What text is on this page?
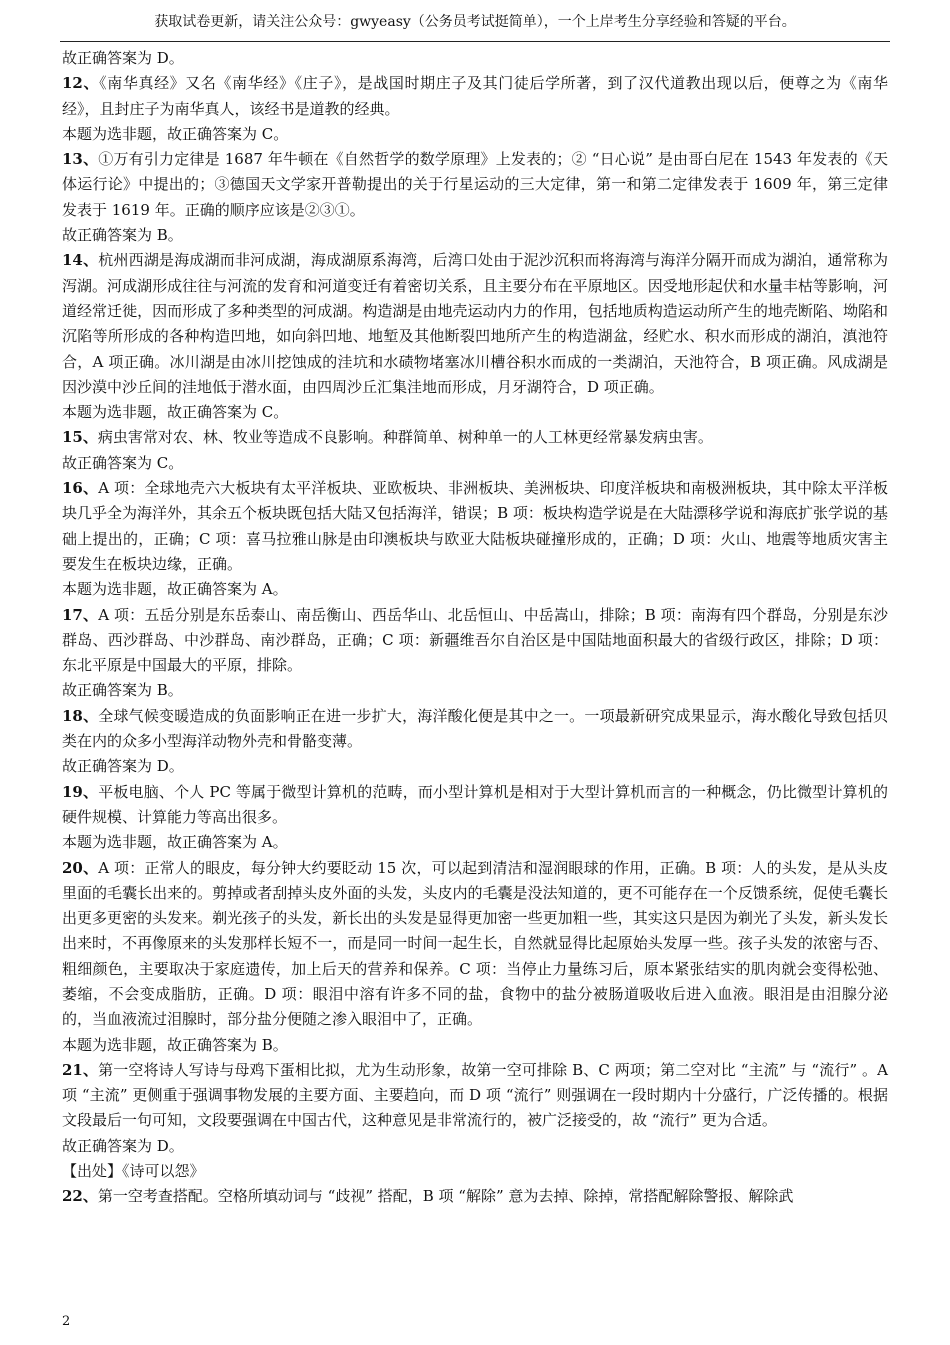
获取试卷更新，请关注公众号：gwyeasy（公务员考试挺简单），一个上岸考生分享经验和答疑的平台。

故正确答案为 D。

12、《南华真经》又名《南华经》《庄子》，是战国时期庄子及其门徒后学所著，到了汉代道教出现以后，便尊之为《南华经》，且封庄子为南华真人，该经书是道教的经典。

本题为选非题，故正确答案为 C。

13、①万有引力定律是 1687 年牛顿在《自然哲学的数学原理》上发表的；② “日心说” 是由哥白尼在 1543 年发表的《天体运行论》中提出的；③德国天文学家开普勒提出的关于行星运动的三大定律，第一和第二定律发表于 1609 年，第三定律发表于 1619 年。正确的顺序应该是②③①。

故正确答案为 B。

14、杭州西湖是海成湖而非河成湖，海成湖原系海湾，后湾口处由于泥沙沉积而将海湾与海洋分隔开而成为湖泊，通常称为泻湖。河成湖形成往往与河流的发育和河道变迁有着密切关系，且主要分布在平原地区。因受地形起伏和水量丰枯等影响，河道经常迁徙，因而形成了多种类型的河成湖。构造湖是由地壳运动内力的作用，包括地质构造运动所产生的地壳断陷、坳陷和沉陷等所形成的各种构造凹地，如向斜凹地、地堑及其他断裂凹地所产生的构造湖盆，经贮水、积水而形成的湖泊，滇池符合，A 项正确。冰川湖是由冰川挖蚀成的洼坑和水碛物堵塞冰川槽谷积水而成的一类湖泊，天池符合，B 项正确。风成湖是因沙漠中沙丘间的洼地低于潜水面，由四周沙丘汇集洼地而形成，月牙湖符合，D 项正确。

本题为选非题，故正确答案为 C。

15、病虫害常对农、林、牧业等造成不良影响。种群简单、树种单一的人工林更经常暴发病虫害。

故正确答案为 C。

16、A 项：全球地壳六大板块有太平洋板块、亚欧板块、非洲板块、美洲板块、印度洋板块和南极洲板块，其中除太平洋板块几乎全为海洋外，其余五个板块既包括大陆又包括海洋，错误；B 项：板块构造学说是在大陆漂移学说和海底扩张学说的基础上提出的，正确；C 项：喜马拉雅山脉是由印澳板块与欧亚大陆板块碰撞形成的，正确；D 项：火山、地震等地质灾害主要发生在板块边缘，正确。

本题为选非题，故正确答案为 A。

17、A 项：五岳分别是东岳泰山、南岳衡山、西岳华山、北岳恒山、中岳嵩山，排除；B 项：南海有四个群岛，分别是东沙群岛、西沙群岛、中沙群岛、南沙群岛，正确；C 项：新疆维吾尔自治区是中国陆地面积最大的省级行政区，排除；D 项：东北平原是中国最大的平原，排除。

故正确答案为 B。

18、全球气候变暖造成的负面影响正在进一步扩大，海洋酸化便是其中之一。一项最新研究成果显示，海水酸化导致包括贝类在内的众多小型海洋动物外壳和骨骼变薄。

故正确答案为 D。

19、平板电脑、个人 PC 等属于微型计算机的范畴，而小型计算机是相对于大型计算机而言的一种概念，仍比微型计算机的硬件规模、计算能力等高出很多。

本题为选非题，故正确答案为 A。

20、A 项：正常人的眼皮，每分钟大约要眨动 15 次，可以起到清洁和湿润眼球的作用，正确。B 项：人的头发，是从头皮里面的毛囊长出来的。剪掉或者刮掉头皮外面的头发，头皮内的毛囊是没法知道的，更不可能存在一个反馈系统，促使毛囊长出更多更密的头发来。剃光孩子的头发，新长出的头发是显得更加密一些更加粗一些，其实这只是因为剃光了头发，新头发长出来时，不再像原来的头发那样长短不一，而是同一时间一起生长，自然就显得比起原始头发厚一些。孩子头发的浓密与否、粗细颜色，主要取决于家庭遗传，加上后天的营养和保养。C 项：当停止力量练习后，原本紧张结实的肌肉就会变得松弛、萎缩，不会变成脂肪，正确。D 项：眼泪中溶有许多不同的盐，食物中的盐分被肠道吸收后进入血液。眼泪是由泪腺分泌的，当血液流过泪腺时，部分盐分便随之渗入眼泪中了，正确。

本题为选非题，故正确答案为 B。

21、第一空将诗人写诗与母鸡下蛋相比拟，尤为生动形象，故第一空可排除 B、C 两项；第二空对比 “主流” 与 “流行” 。A 项 “主流” 更侧重于强调事物发展的主要方面、主要趋向，而 D 项 “流行” 则强调在一段时期内十分盛行，广泛传播的。根据文段最后一句可知，文段要强调在中国古代，这种意见是非常流行的，被广泛接受的，故 “流行” 更为合适。

故正确答案为 D。

【出处】《诗可以怨》

22、第一空考查搭配。空格所填动词与 “歧视” 搭配，B 项 “解除” 意为去掉、除掉，常搭配解除警报、解除武

2
